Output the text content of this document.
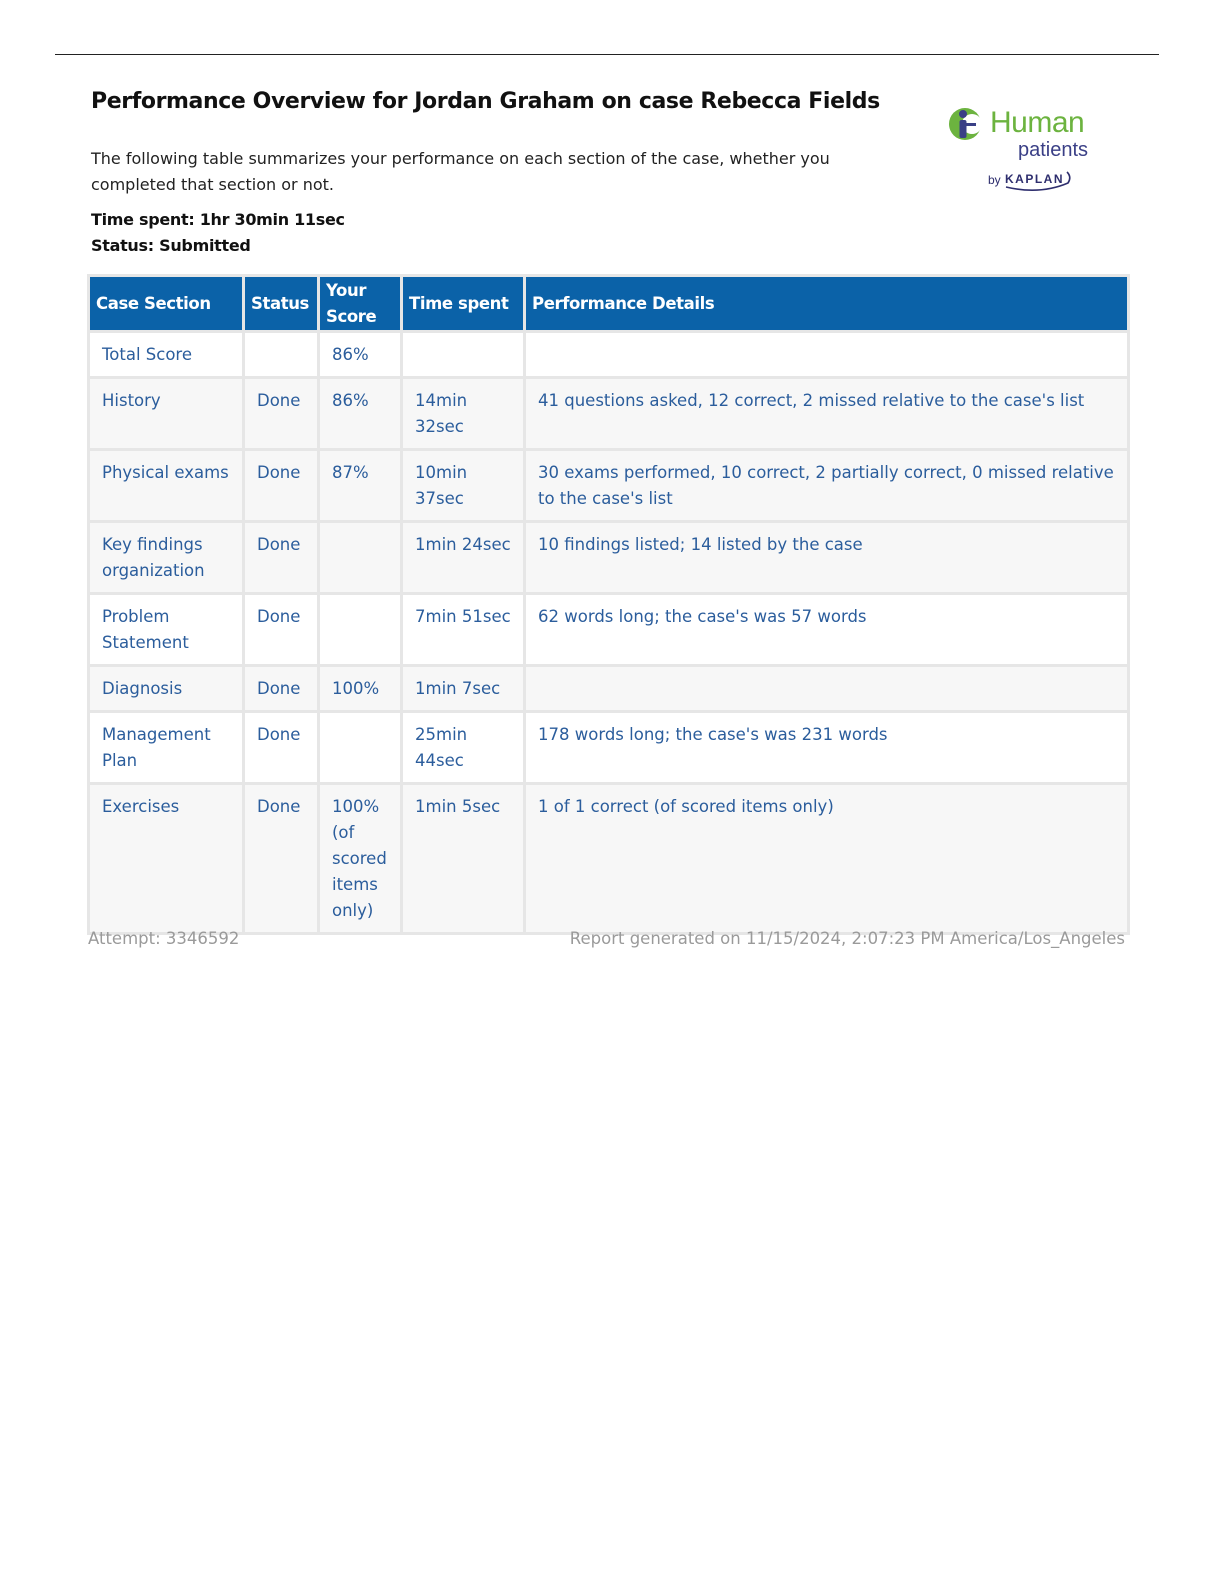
Performance Overview for Jordan Graham on case Rebecca Fields

The following table summarizes your performance on each section of the case, whether you completed that section or not.

Time spent: 1hr 30min 11sec
Status: Submitted
Human
patients
by KAPLAN
Case Section	Status	Your Score	Time spent	Performance Details
Total Score		86%		
History	Done	86%	14min 32sec	41 questions asked, 12 correct, 2 missed relative to the case's list
Physical exams	Done	87%	10min 37sec	30 exams performed, 10 correct, 2 partially correct, 0 missed relative to the case's list
Key findings organization	Done		1min 24sec	10 findings listed; 14 listed by the case
Problem Statement	Done		7min 51sec	62 words long; the case's was 57 words
Diagnosis	Done	100%	1min 7sec	
Management Plan	Done		25min 44sec	178 words long; the case's was 231 words
Exercises	Done	100% (of scored items only)	1min 5sec	1 of 1 correct (of scored items only)
Attempt: 3346592	Report generated on 11/15/2024, 2:07:23 PM America/Los_Angeles
